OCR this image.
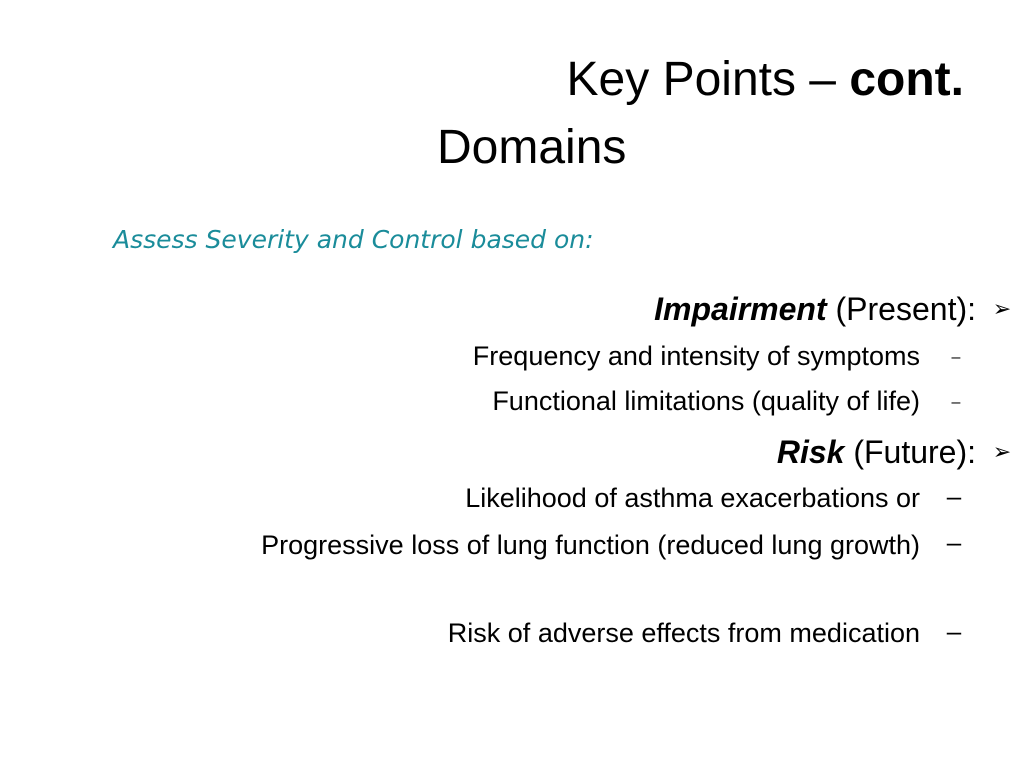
Key Points – cont.
Domains
Assess Severity and Control based on:
Impairment (Present): ➢
Frequency and intensity of symptoms	–
Functional limitations (quality of life)	–
Risk (Future): ➢
Likelihood of asthma exacerbations or –
Progressive loss of lung function (reduced lung growth) –
Risk of adverse effects from medication –
